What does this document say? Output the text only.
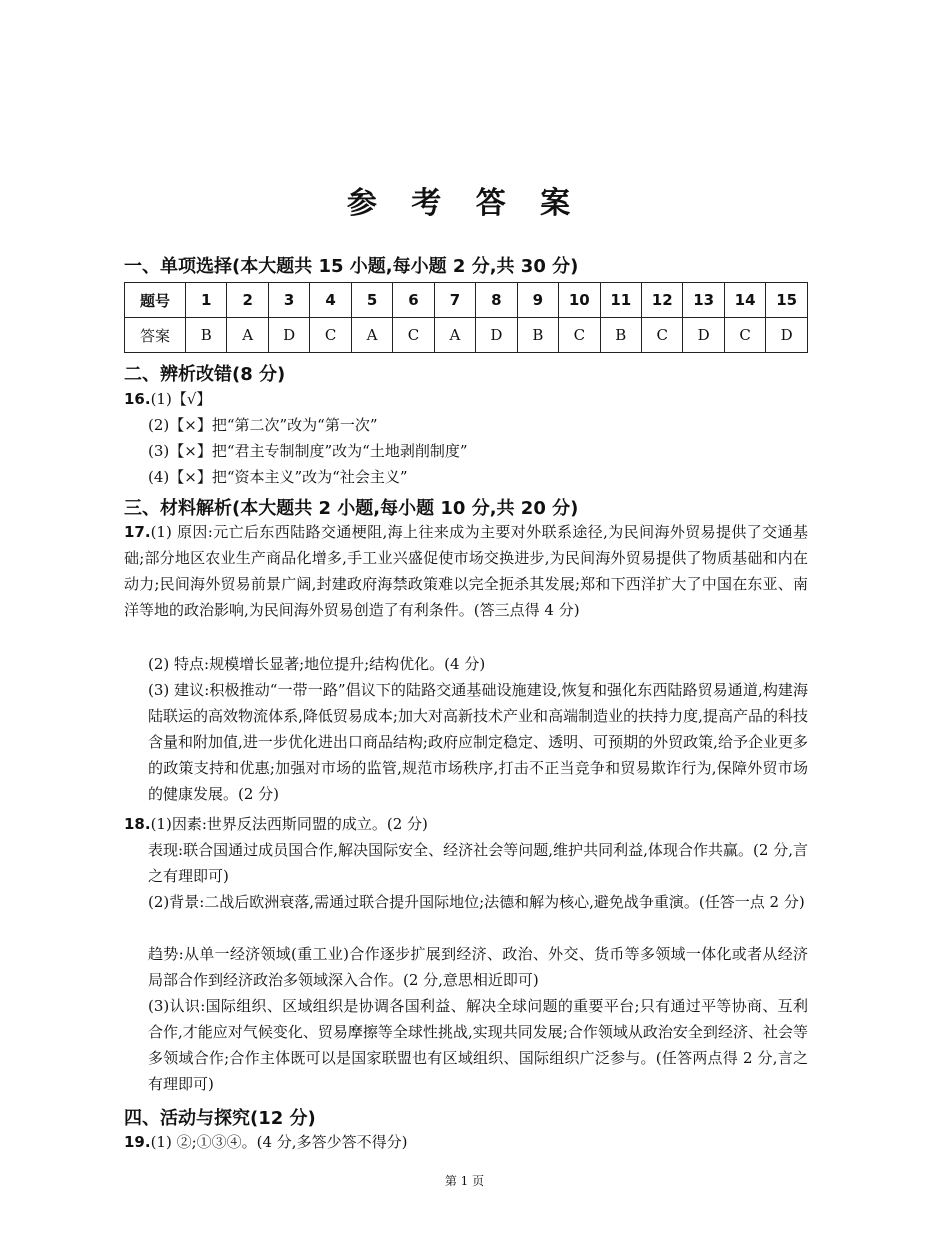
参 考 答 案
一、单项选择(本大题共 15 小题,每小题 2 分,共 30 分)
题号	1	2	3	4	5	6	7	8	9	10	11	12	13	14	15
答案	B	A	D	C	A	C	A	D	B	C	B	C	D	C	D
二、辨析改错(8 分)
16.(1)【√】
(2)【×】把“第二次”改为“第一次”
(3)【×】把“君主专制制度”改为“土地剥削制度”
(4)【×】把“资本主义”改为“社会主义”
三、材料解析(本大题共 2 小题,每小题 10 分,共 20 分)
17.(1) 原因:元亡后东西陆路交通梗阻,海上往来成为主要对外联系途径,为民间海外贸易提供了交通基础;部分地区农业生产商品化增多,手工业兴盛促使市场交换进步,为民间海外贸易提供了物质基础和内在动力;民间海外贸易前景广阔,封建政府海禁政策难以完全扼杀其发展;郑和下西洋扩大了中国在东亚、南洋等地的政治影响,为民间海外贸易创造了有利条件。(答三点得 4 分)
(2) 特点:规模增长显著;地位提升;结构优化。(4 分)
(3) 建议:积极推动“一带一路”倡议下的陆路交通基础设施建设,恢复和强化东西陆路贸易通道,构建海陆联运的高效物流体系,降低贸易成本;加大对高新技术产业和高端制造业的扶持力度,提高产品的科技含量和附加值,进一步优化进出口商品结构;政府应制定稳定、透明、可预期的外贸政策,给予企业更多的政策支持和优惠;加强对市场的监管,规范市场秩序,打击不正当竞争和贸易欺诈行为,保障外贸市场的健康发展。(2 分)
18.(1)因素:世界反法西斯同盟的成立。(2 分)
表现:联合国通过成员国合作,解决国际安全、经济社会等问题,维护共同利益,体现合作共赢。(2 分,言之有理即可)
(2)背景:二战后欧洲衰落,需通过联合提升国际地位;法德和解为核心,避免战争重演。(任答一点 2 分)
趋势:从单一经济领域(重工业)合作逐步扩展到经济、政治、外交、货币等多领域一体化或者从经济局部合作到经济政治多领域深入合作。(2 分,意思相近即可)
(3)认识:国际组织、区域组织是协调各国利益、解决全球问题的重要平台;只有通过平等协商、互利合作,才能应对气候变化、贸易摩擦等全球性挑战,实现共同发展;合作领域从政治安全到经济、社会等多领域合作;合作主体既可以是国家联盟也有区域组织、国际组织广泛参与。(任答两点得 2 分,言之有理即可)
四、活动与探究(12 分)
19.(1) ②;①③④。(4 分,多答少答不得分)
第 1 页
